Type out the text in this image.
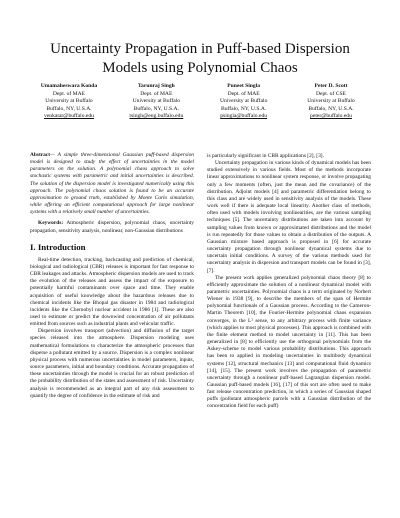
Uncertainty Propagation in Puff-based Dispersion
Models using Polynomial Chaos
Umamaheswara Konda
Dept. of MAE
University at Buffalo
Buffalo, NY, U.S.A.
venkatar@buffalo.edu
Tarunraj Singh
Dept. of MAE
University at Buffalo
Buffalo, NY, U.S.A.
tsingh@eng.buffalo.edu
Puneet Singla
Dept. of MAE
University at Buffalo
Buffalo, NY, U.S.A.
psingla@buffalo.edu
Peter D. Scott
Dept. of CSE
University at Buffalo
Buffalo, NY, U.S.A.
peter@buffalo.edu

Abstract— A simple three-dimensional Gaussian puff-based dispersion model is designed to study the effect of uncertainties in the model parameters on the solution. A polynomial chaos approach to solve stochastic systems with parametric and initial uncertainties is described. The solution of the dispersion model is investigated numerically using this approach. The polynomial chaos solution is found to be an accurate approximation to ground truth, established by Monte Carlo simulation, while offering an efficient computational approach for large nonlinear systems with a relatively small number of uncertainties.

Keywords: Atmospheric dispersion, polynomial chaos, uncertainty propagation, sensitivity analysis, nonlinear, non-Gaussian distributions

I. Introduction

Real-time detection, tracking, backcasting and prediction of chemical, biological and radiological (CBR) releases is important for fast response to CBR leakages and attacks. Atmospheric dispersion models are used to track the evolution of the releases and assess the impact of the exposure to potentially harmful contaminants over space and time. They enable acquisition of useful knowledge about the hazardous releases due to chemical incidents like the Bhopal gas disaster in 1984 and radiological incidents like the Chernobyl nuclear accident in 1986 [1]. These are also used to estimate or predict the downwind concentration of air pollutants emitted from sources such as industrial plants and vehicular traffic.

Dispersion involves transport (advection) and diffusion of the target species released into the atmosphere. Dispersion modeling uses mathematical formulations to characterize the atmospheric processes that disperse a pollutant emitted by a source. Dispersion is a complex nonlinear physical process with numerous uncertainties in model parameters, inputs, source parameters, initial and boundary conditions. Accurate propagation of these uncertainties through the model is crucial for an robust prediction of the probability distribution of the states and assessment of risk. Uncertainty analysis is recommended as an integral part of any risk assessment to quantify the degree of confidence in the estimate of risk and

is particularly significant in CBR applications [2], [3].

Uncertainty propagation in various kinds of dynamical models has been studied extensively in various fields. Most of the methods incorporate linear approximations to nonlinear system response, or involve propagating only a few moments (often, just the mean and the covariance) of the distribution. Adjoint models [4] and parametric differentiation belong to this class and are widely used in sensitivity analysis of the models. These work well if there is adequate local linearity. Another class of methods, often used with models involving nonlinearities, are the various sampling techniques [5]. The uncertainty distributions are taken into account by sampling values from known or approximated distributions and the model is run repeatedly for those values to obtain a distribution of the outputs. A Gaussian mixture based approach is proposed in [6] for accurate uncertainty propagation through nonlinear dynamical systems due to uncertain initial conditions. A survey of the various methods used for uncertainty analysis in dispersion and transport models can be found in [3], [7].

The present work applies generalized polynomial chaos theory [8] to efficiently approximate the solution of a nonlinear dynamical model with parametric uncertainties. Polynomial chaos is a term originated by Norbert Wiener in 1938 [9], to describe the members of the span of Hermite polynomial functionals of a Gaussian process. According to the Cameron-Martin Theorem [10], the Fourier-Hermite polynomial chaos expansion converges, in the L² sense, to any arbitrary process with finite variance (which applies to most physical processes). This approach is combined with the finite element method to model uncertainty in [11]. This has been generalized in [8] to efficiently use the orthogonal polynomials from the Askey-scheme to model various probability distributions. This approach has been to applied in modeling uncertainties in multibody dynamical systems [12], structural mechanics [13] and computational fluid dynamics [14], [15]. The present work involves the propagation of parametric uncertainty through a nonlinear puff-based Lagrangian dispersion model. Gaussian puff-based models [16], [17] of this sort are often used to make fast release concentration prediction, in which a series of Gaussian shaped puffs (pollutant atmospheric parcels with a Gaussian distribution of the concentration field for each puff)
